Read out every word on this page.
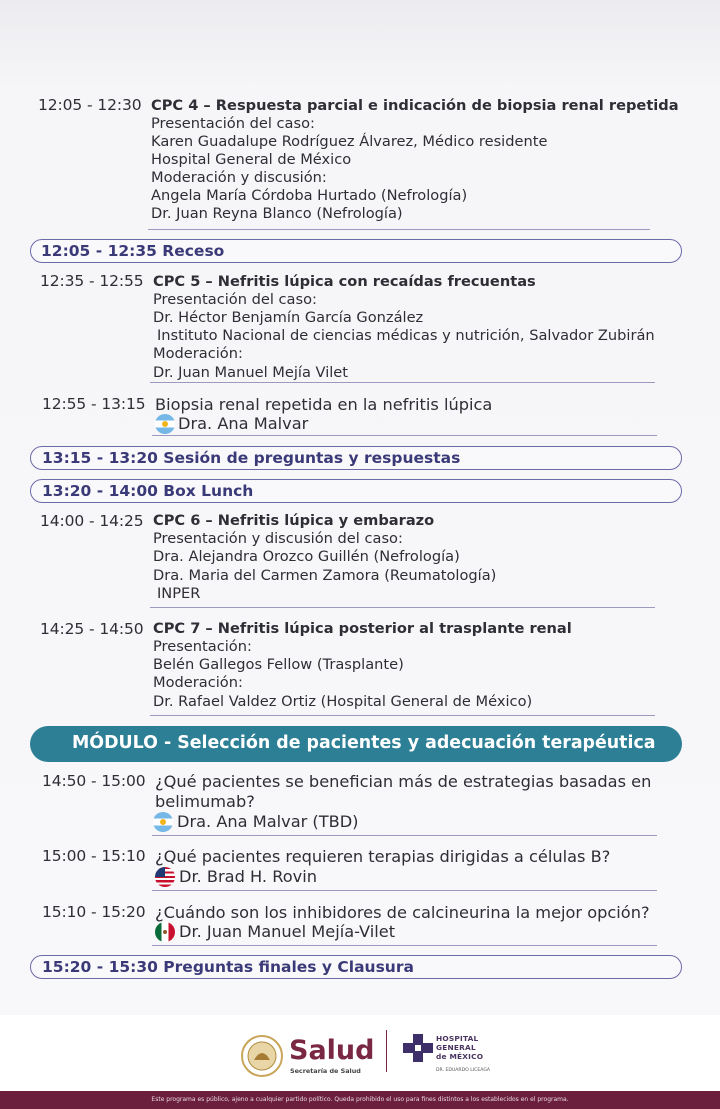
12:05 - 12:30 CPC 4 – Respuesta parcial e indicación de biopsia renal repetida
Presentación del caso:
Karen Guadalupe Rodríguez Álvarez, Médico residente
Hospital General de México
Moderación y discusión:
Angela María Córdoba Hurtado (Nefrología)
Dr. Juan Reyna Blanco (Nefrología)
12:05 - 12:35 Receso
12:35 - 12:55 CPC 5 – Nefritis lúpica con recaídas frecuentas
Presentación del caso:
Dr. Héctor Benjamín García González
Instituto Nacional de ciencias médicas y nutrición, Salvador Zubirán
Moderación:
Dr. Juan Manuel Mejía Vilet
12:55 - 13:15 Biopsia renal repetida en la nefritis lúpica
Dra. Ana Malvar
13:15 - 13:20 Sesión de preguntas y respuestas
13:20 - 14:00 Box Lunch
14:00 - 14:25 CPC 6 – Nefritis lúpica y embarazo
Presentación y discusión del caso:
Dra. Alejandra Orozco Guillén (Nefrología)
Dra. Maria del Carmen Zamora (Reumatología)
INPER
14:25 - 14:50 CPC 7 – Nefritis lúpica posterior al trasplante renal
Presentación:
Belén Gallegos Fellow (Trasplante)
Moderación:
Dr. Rafael Valdez Ortiz (Hospital General de México)
MÓDULO - Selección de pacientes y adecuación terapéutica
14:50 - 15:00 ¿Qué pacientes se benefician más de estrategias basadas en
belimumab?
Dra. Ana Malvar (TBD)
15:00 - 15:10 ¿Qué pacientes requieren terapias dirigidas a células B?
Dr. Brad H. Rovin
15:10 - 15:20 ¿Cuándo son los inhibidores de calcineurina la mejor opción?
Dr. Juan Manuel Mejía-Vilet
15:20 - 15:30 Preguntas finales y Clausura
Salud
Secretaría de Salud
HOSPITAL
GENERAL
de MÉXICO
DR. EDUARDO LICEAGA
Este programa es público, ajeno a cualquier partido político. Queda prohibido el uso para fines distintos a los establecidos en el programa.
